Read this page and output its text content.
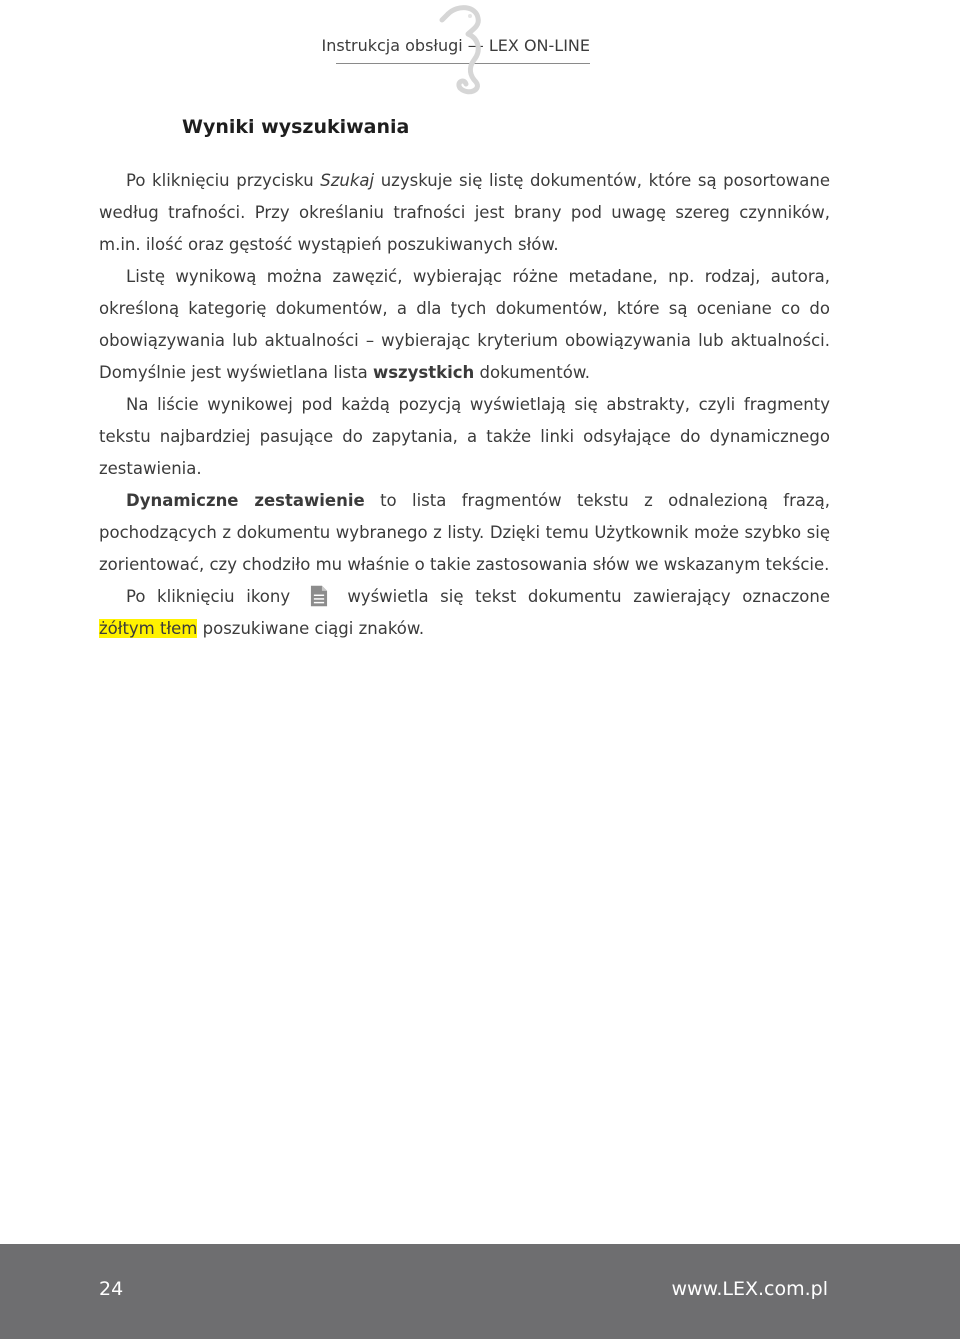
Instrukcja obsługi — LEX ON-LINE
Wyniki wyszukiwania

Po kliknięciu przycisku Szukaj uzyskuje się listę dokumentów, które są posortowane według trafności. Przy określaniu trafności jest brany pod uwagę szereg czynników, m.in. ilość oraz gęstość wystąpień poszukiwanych słów.

Listę wynikową można zawęzić, wybierając różne metadane, np. rodzaj, autora, określoną kategorię dokumentów, a dla tych dokumentów, które są oceniane co do obowiązywania lub aktualności – wybierając kryterium obowiązywania lub aktualności. Domyślnie jest wyświetlana lista wszystkich dokumentów.

Na liście wynikowej pod każdą pozycją wyświetlają się abstrakty, czyli fragmenty tekstu najbardziej pasujące do zapytania, a także linki odsyłające do dynamicznego zestawienia.

Dynamiczne zestawienie to lista fragmentów tekstu z odnalezioną frazą, pochodzących z dokumentu wybranego z listy. Dzięki temu Użytkownik może szybko się zorientować, czy chodziło mu właśnie o takie zastosowania słów we wskazanym tekście.

Po kliknięciu ikony	wyświetla się tekst dokumentu zawierający oznaczone żółtym tłem poszukiwane ciągi znaków.

24	www.LEX.com.pl
